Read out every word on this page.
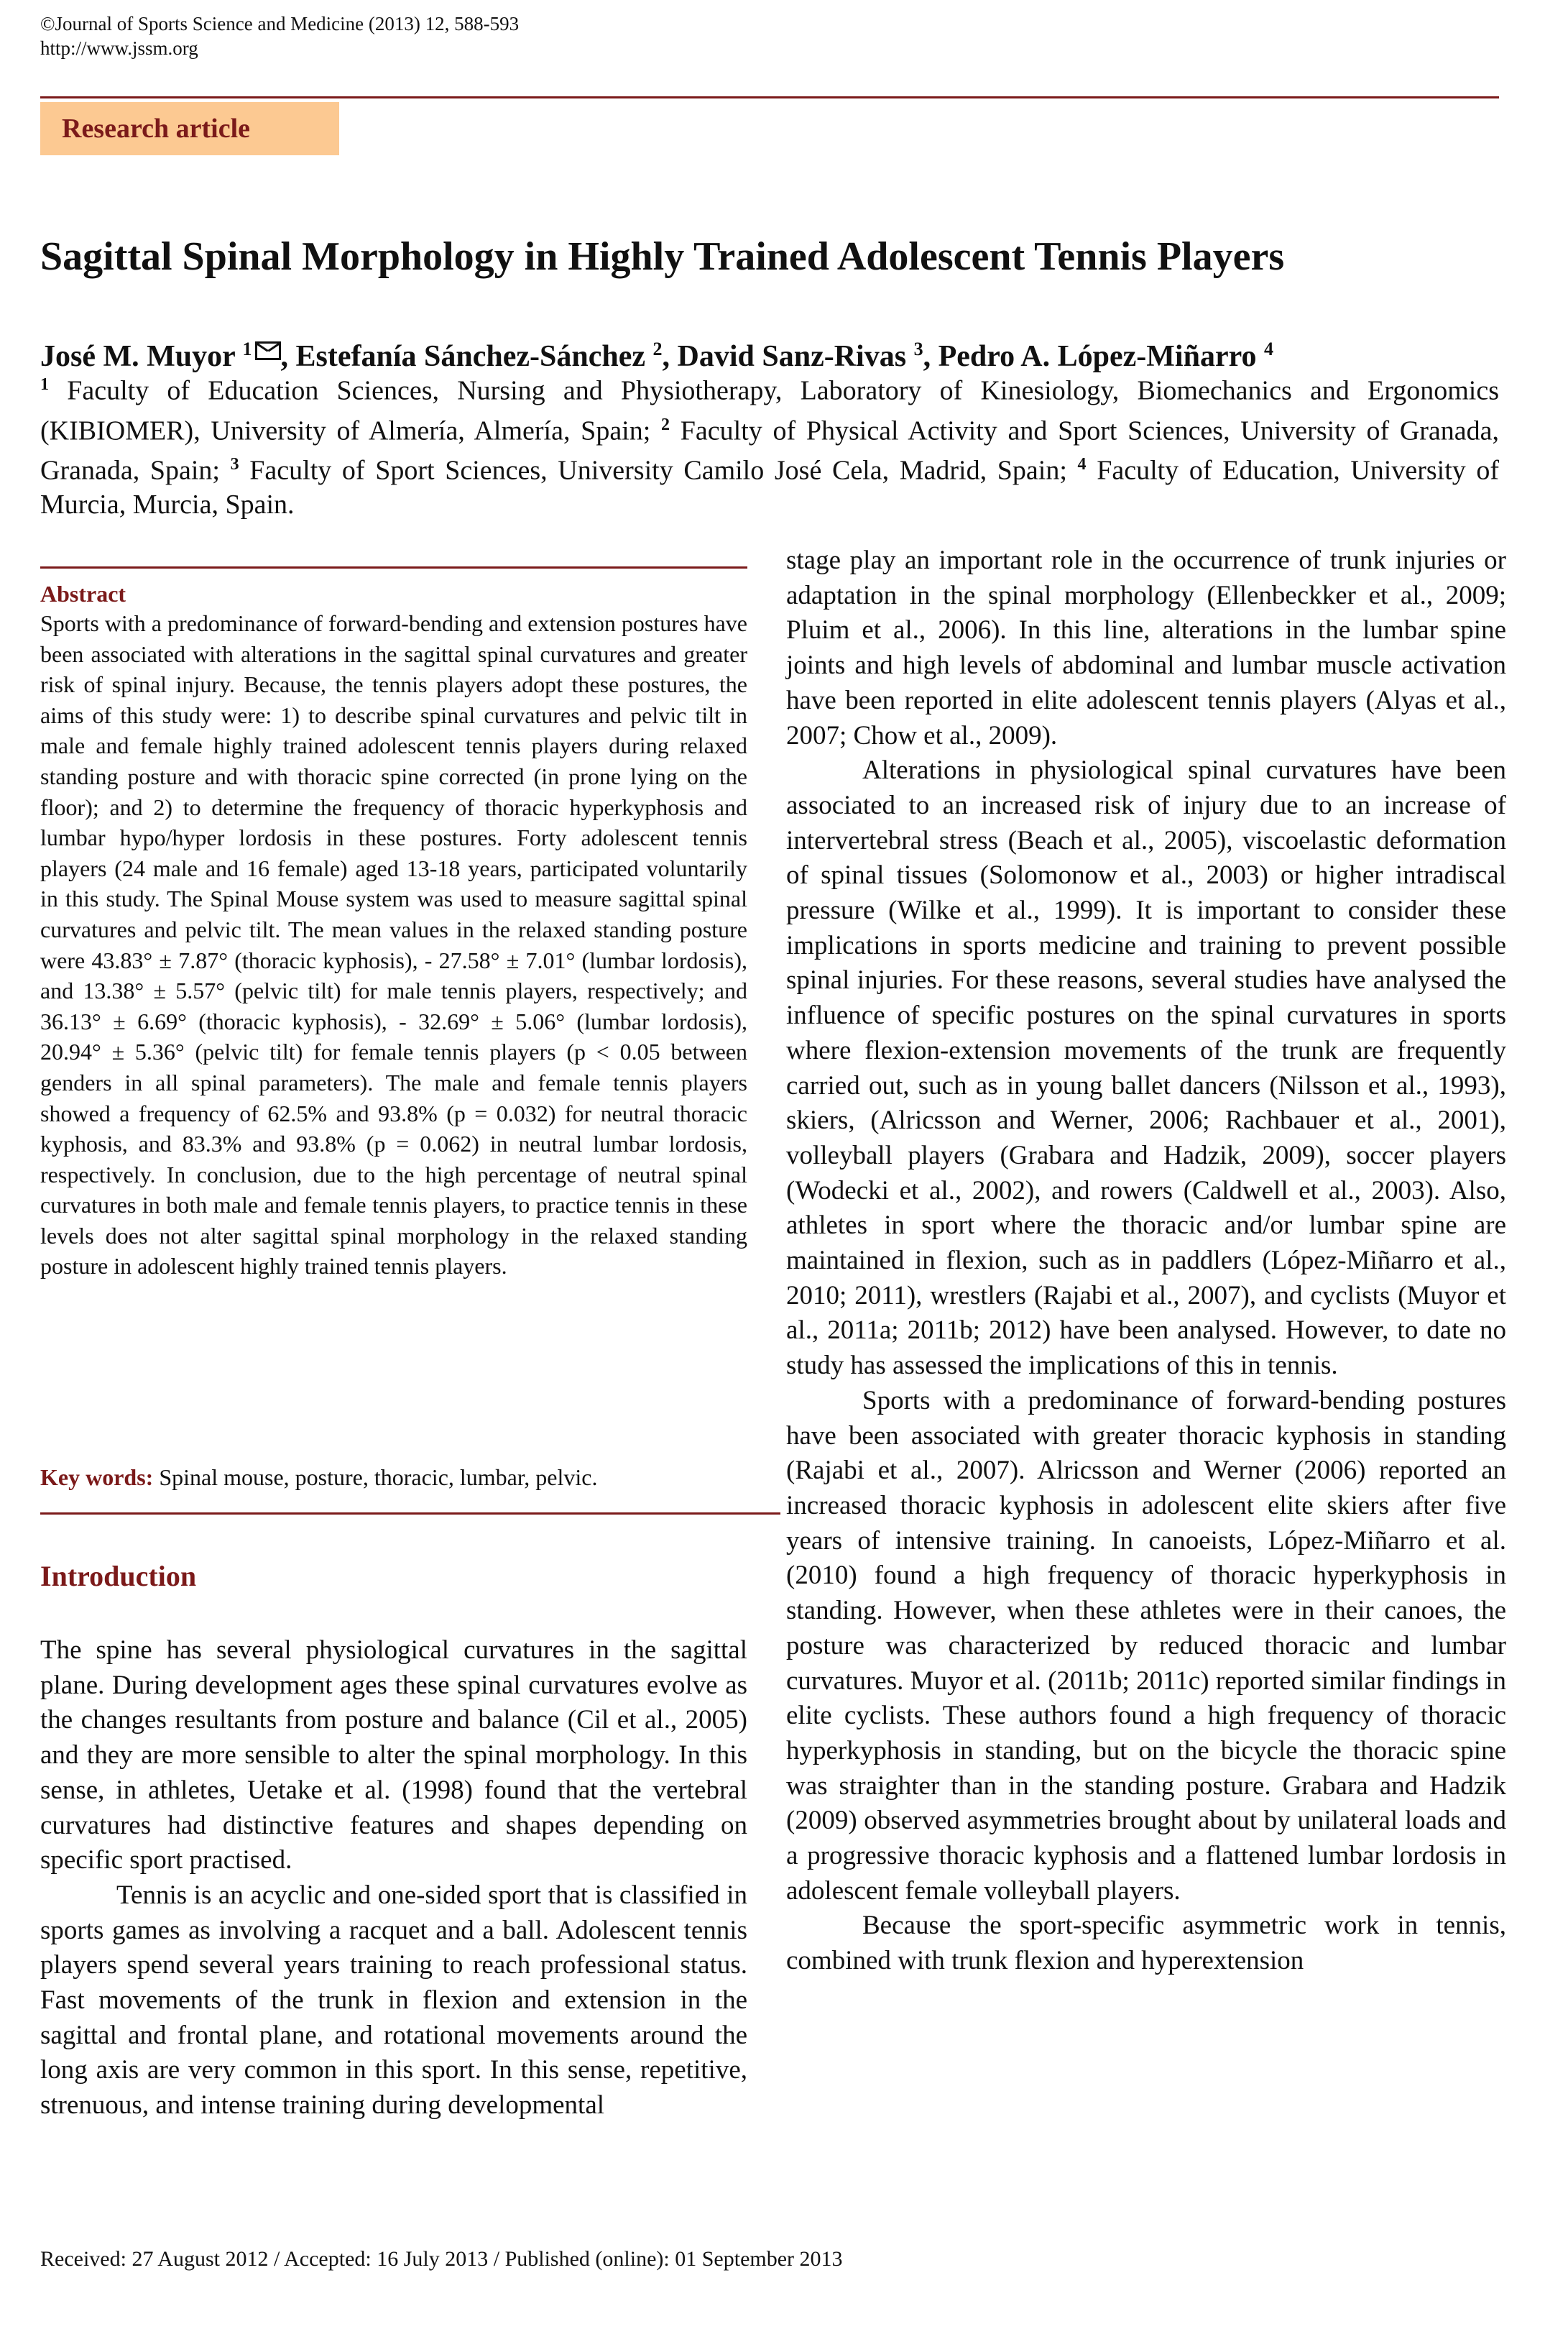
©Journal of Sports Science and Medicine (2013) 12, 588-593
http://www.jssm.org
Research article
Sagittal Spinal Morphology in Highly Trained Adolescent Tennis Players
José M. Muyor $^1$ , Estefanía Sánchez-Sánchez $^2$, David Sanz-Rivas $^3$, Pedro A. López-Miñarro $^4$
$^1$ Faculty of Education Sciences, Nursing and Physiotherapy, Laboratory of Kinesiology, Biomechanics and Ergonomics (KIBIOMER), University of Almería, Almería, Spain; $^2$ Faculty of Physical Activity and Sport Sciences, University of Granada, Granada, Spain; $^3$ Faculty of Sport Sciences, University Camilo José Cela, Madrid, Spain; $^4$ Faculty of Education, University of Murcia, Murcia, Spain.
Abstract
Sports with a predominance of forward-bending and extension postures have been associated with alterations in the sagittal spinal curvatures and greater risk of spinal injury. Because, the tennis players adopt these postures, the aims of this study were: 1) to describe spinal curvatures and pelvic tilt in male and female highly trained adolescent tennis players during relaxed standing posture and with thoracic spine corrected (in prone lying on the floor); and 2) to determine the frequency of thoracic hyperkyphosis and lumbar hypo/hyper lordosis in these postures. Forty adolescent tennis players (24 male and 16 female) aged 13-18 years, participated voluntarily in this study. The Spinal Mouse system was used to measure sagittal spinal curvatures and pelvic tilt. The mean values in the relaxed standing posture were 43.83° ± 7.87° (thoracic kyphosis), - 27.58° ± 7.01° (lumbar lordosis), and 13.38° ± 5.57° (pelvic tilt) for male tennis players, respectively; and 36.13° ± 6.69° (thoracic kyphosis), - 32.69° ± 5.06° (lumbar lordosis), 20.94° ± 5.36° (pelvic tilt) for female tennis players (p < 0.05 between genders in all spinal parameters). The male and female tennis players showed a frequency of 62.5% and 93.8% (p = 0.032) for neutral thoracic kyphosis, and 83.3% and 93.8% (p = 0.062) in neutral lumbar lordosis, respectively. In conclusion, due to the high percentage of neutral spinal curvatures in both male and female tennis players, to practice tennis in these levels does not alter sagittal spinal morphology in the relaxed standing posture in adolescent highly trained tennis players.
Key words: Spinal mouse, posture, thoracic, lumbar, pelvic.
Introduction

The spine has several physiological curvatures in the sagittal plane. During development ages these spinal curvatures evolve as the changes resultants from posture and balance (Cil et al., 2005) and they are more sensible to alter the spinal morphology. In this sense, in athletes, Uetake et al. (1998) found that the vertebral curvatures had distinctive features and shapes depending on specific sport practised.

Tennis is an acyclic and one-sided sport that is classified in sports games as involving a racquet and a ball. Adolescent tennis players spend several years training to reach professional status. Fast movements of the trunk in flexion and extension in the sagittal and frontal plane, and rotational movements around the long axis are very common in this sport. In this sense, repetitive, strenuous, and intense training during developmental

stage play an important role in the occurrence of trunk injuries or adaptation in the spinal morphology (Ellenbeckker et al., 2009; Pluim et al., 2006). In this line, alterations in the lumbar spine joints and high levels of abdominal and lumbar muscle activation have been reported in elite adolescent tennis players (Alyas et al., 2007; Chow et al., 2009).

Alterations in physiological spinal curvatures have been associated to an increased risk of injury due to an increase of intervertebral stress (Beach et al., 2005), viscoelastic deformation of spinal tissues (Solomonow et al., 2003) or higher intradiscal pressure (Wilke et al., 1999). It is important to consider these implications in sports medicine and training to prevent possible spinal injuries. For these reasons, several studies have analysed the influence of specific postures on the spinal curvatures in sports where flexion-extension movements of the trunk are frequently carried out, such as in young ballet dancers (Nilsson et al., 1993), skiers, (Alricsson and Werner, 2006; Rachbauer et al., 2001), volleyball players (Grabara and Hadzik, 2009), soccer players (Wodecki et al., 2002), and rowers (Caldwell et al., 2003). Also, athletes in sport where the thoracic and/or lumbar spine are maintained in flexion, such as in paddlers (López-Miñarro et al., 2010; 2011), wrestlers (Rajabi et al., 2007), and cyclists (Muyor et al., 2011a; 2011b; 2012) have been analysed. However, to date no study has assessed the implications of this in tennis.

Sports with a predominance of forward-bending postures have been associated with greater thoracic kyphosis in standing (Rajabi et al., 2007). Alricsson and Werner (2006) reported an increased thoracic kyphosis in adolescent elite skiers after five years of intensive training. In canoeists, López-Miñarro et al. (2010) found a high frequency of thoracic hyperkyphosis in standing. However, when these athletes were in their canoes, the posture was characterized by reduced thoracic and lumbar curvatures. Muyor et al. (2011b; 2011c) reported similar findings in elite cyclists. These authors found a high frequency of thoracic hyperkyphosis in standing, but on the bicycle the thoracic spine was straighter than in the standing posture. Grabara and Hadzik (2009) observed asymmetries brought about by unilateral loads and a progressive thoracic kyphosis and a flattened lumbar lordosis in adolescent female volleyball players.

Because the sport-specific asymmetric work in tennis, combined with trunk flexion and hyperextension

Received: 27 August 2012 / Accepted: 16 July 2013 / Published (online): 01 September 2013
